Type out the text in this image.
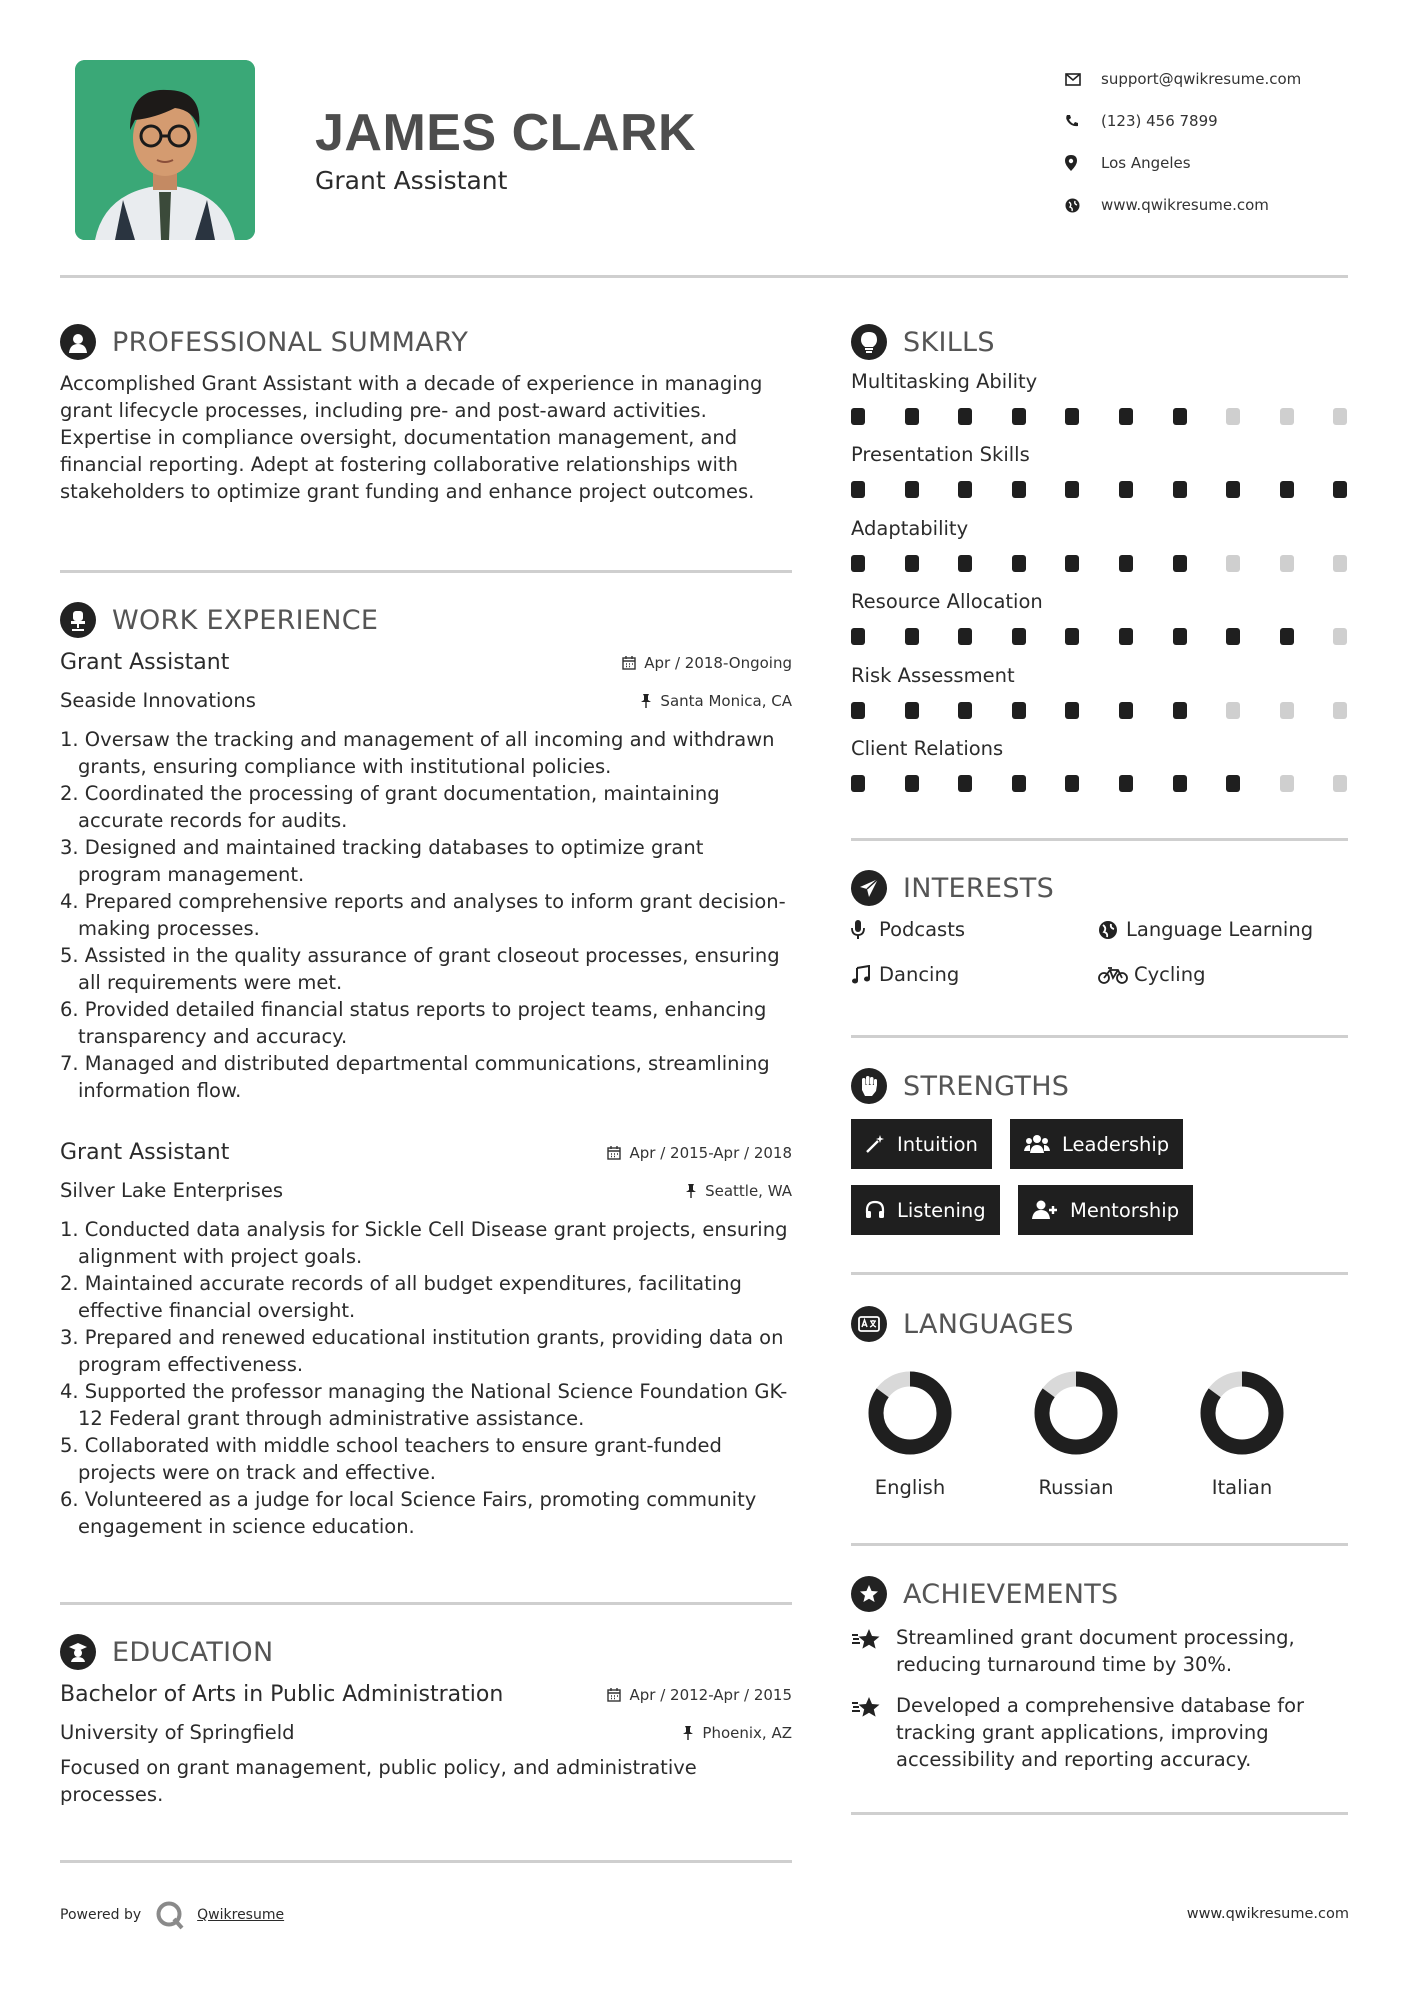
JAMES CLARK
Grant Assistant
support@qwikresume.com
(123) 456 7899
Los Angeles
www.qwikresume.com
PROFESSIONAL SUMMARY
Accomplished Grant Assistant with a decade of experience in managing grant lifecycle processes, including pre- and post-award activities. Expertise in compliance oversight, documentation management, and financial reporting. Adept at fostering collaborative relationships with stakeholders to optimize grant funding and enhance project outcomes.
WORK EXPERIENCE
Grant Assistant	Apr / 2018-Ongoing
Seaside Innovations	Santa Monica, CA
1. Oversaw the tracking and management of all incoming and withdrawn grants, ensuring compliance with institutional policies.
2. Coordinated the processing of grant documentation, maintaining accurate records for audits.
3. Designed and maintained tracking databases to optimize grant program management.
4. Prepared comprehensive reports and analyses to inform grant decision-making processes.
5. Assisted in the quality assurance of grant closeout processes, ensuring all requirements were met.
6. Provided detailed financial status reports to project teams, enhancing transparency and accuracy.
7. Managed and distributed departmental communications, streamlining information flow.
Grant Assistant	Apr / 2015-Apr / 2018
Silver Lake Enterprises	Seattle, WA
1. Conducted data analysis for Sickle Cell Disease grant projects, ensuring alignment with project goals.
2. Maintained accurate records of all budget expenditures, facilitating effective financial oversight.
3. Prepared and renewed educational institution grants, providing data on program effectiveness.
4. Supported the professor managing the National Science Foundation GK-12 Federal grant through administrative assistance.
5. Collaborated with middle school teachers to ensure grant-funded projects were on track and effective.
6. Volunteered as a judge for local Science Fairs, promoting community engagement in science education.
EDUCATION
Bachelor of Arts in Public Administration	Apr / 2012-Apr / 2015
University of Springfield	Phoenix, AZ
Focused on grant management, public policy, and administrative processes.
SKILLS
Multitasking Ability
Presentation Skills
Adaptability
Resource Allocation
Risk Assessment
Client Relations
INTERESTS
Podcasts	Language Learning
Dancing	Cycling
STRENGTHS
Intuition	Leadership
Listening	Mentorship
LANGUAGES
English	Russian	Italian
ACHIEVEMENTS
Streamlined grant document processing, reducing turnaround time by 30%.
Developed a comprehensive database for tracking grant applications, improving accessibility and reporting accuracy.
Powered by	Qwikresume	www.qwikresume.com
